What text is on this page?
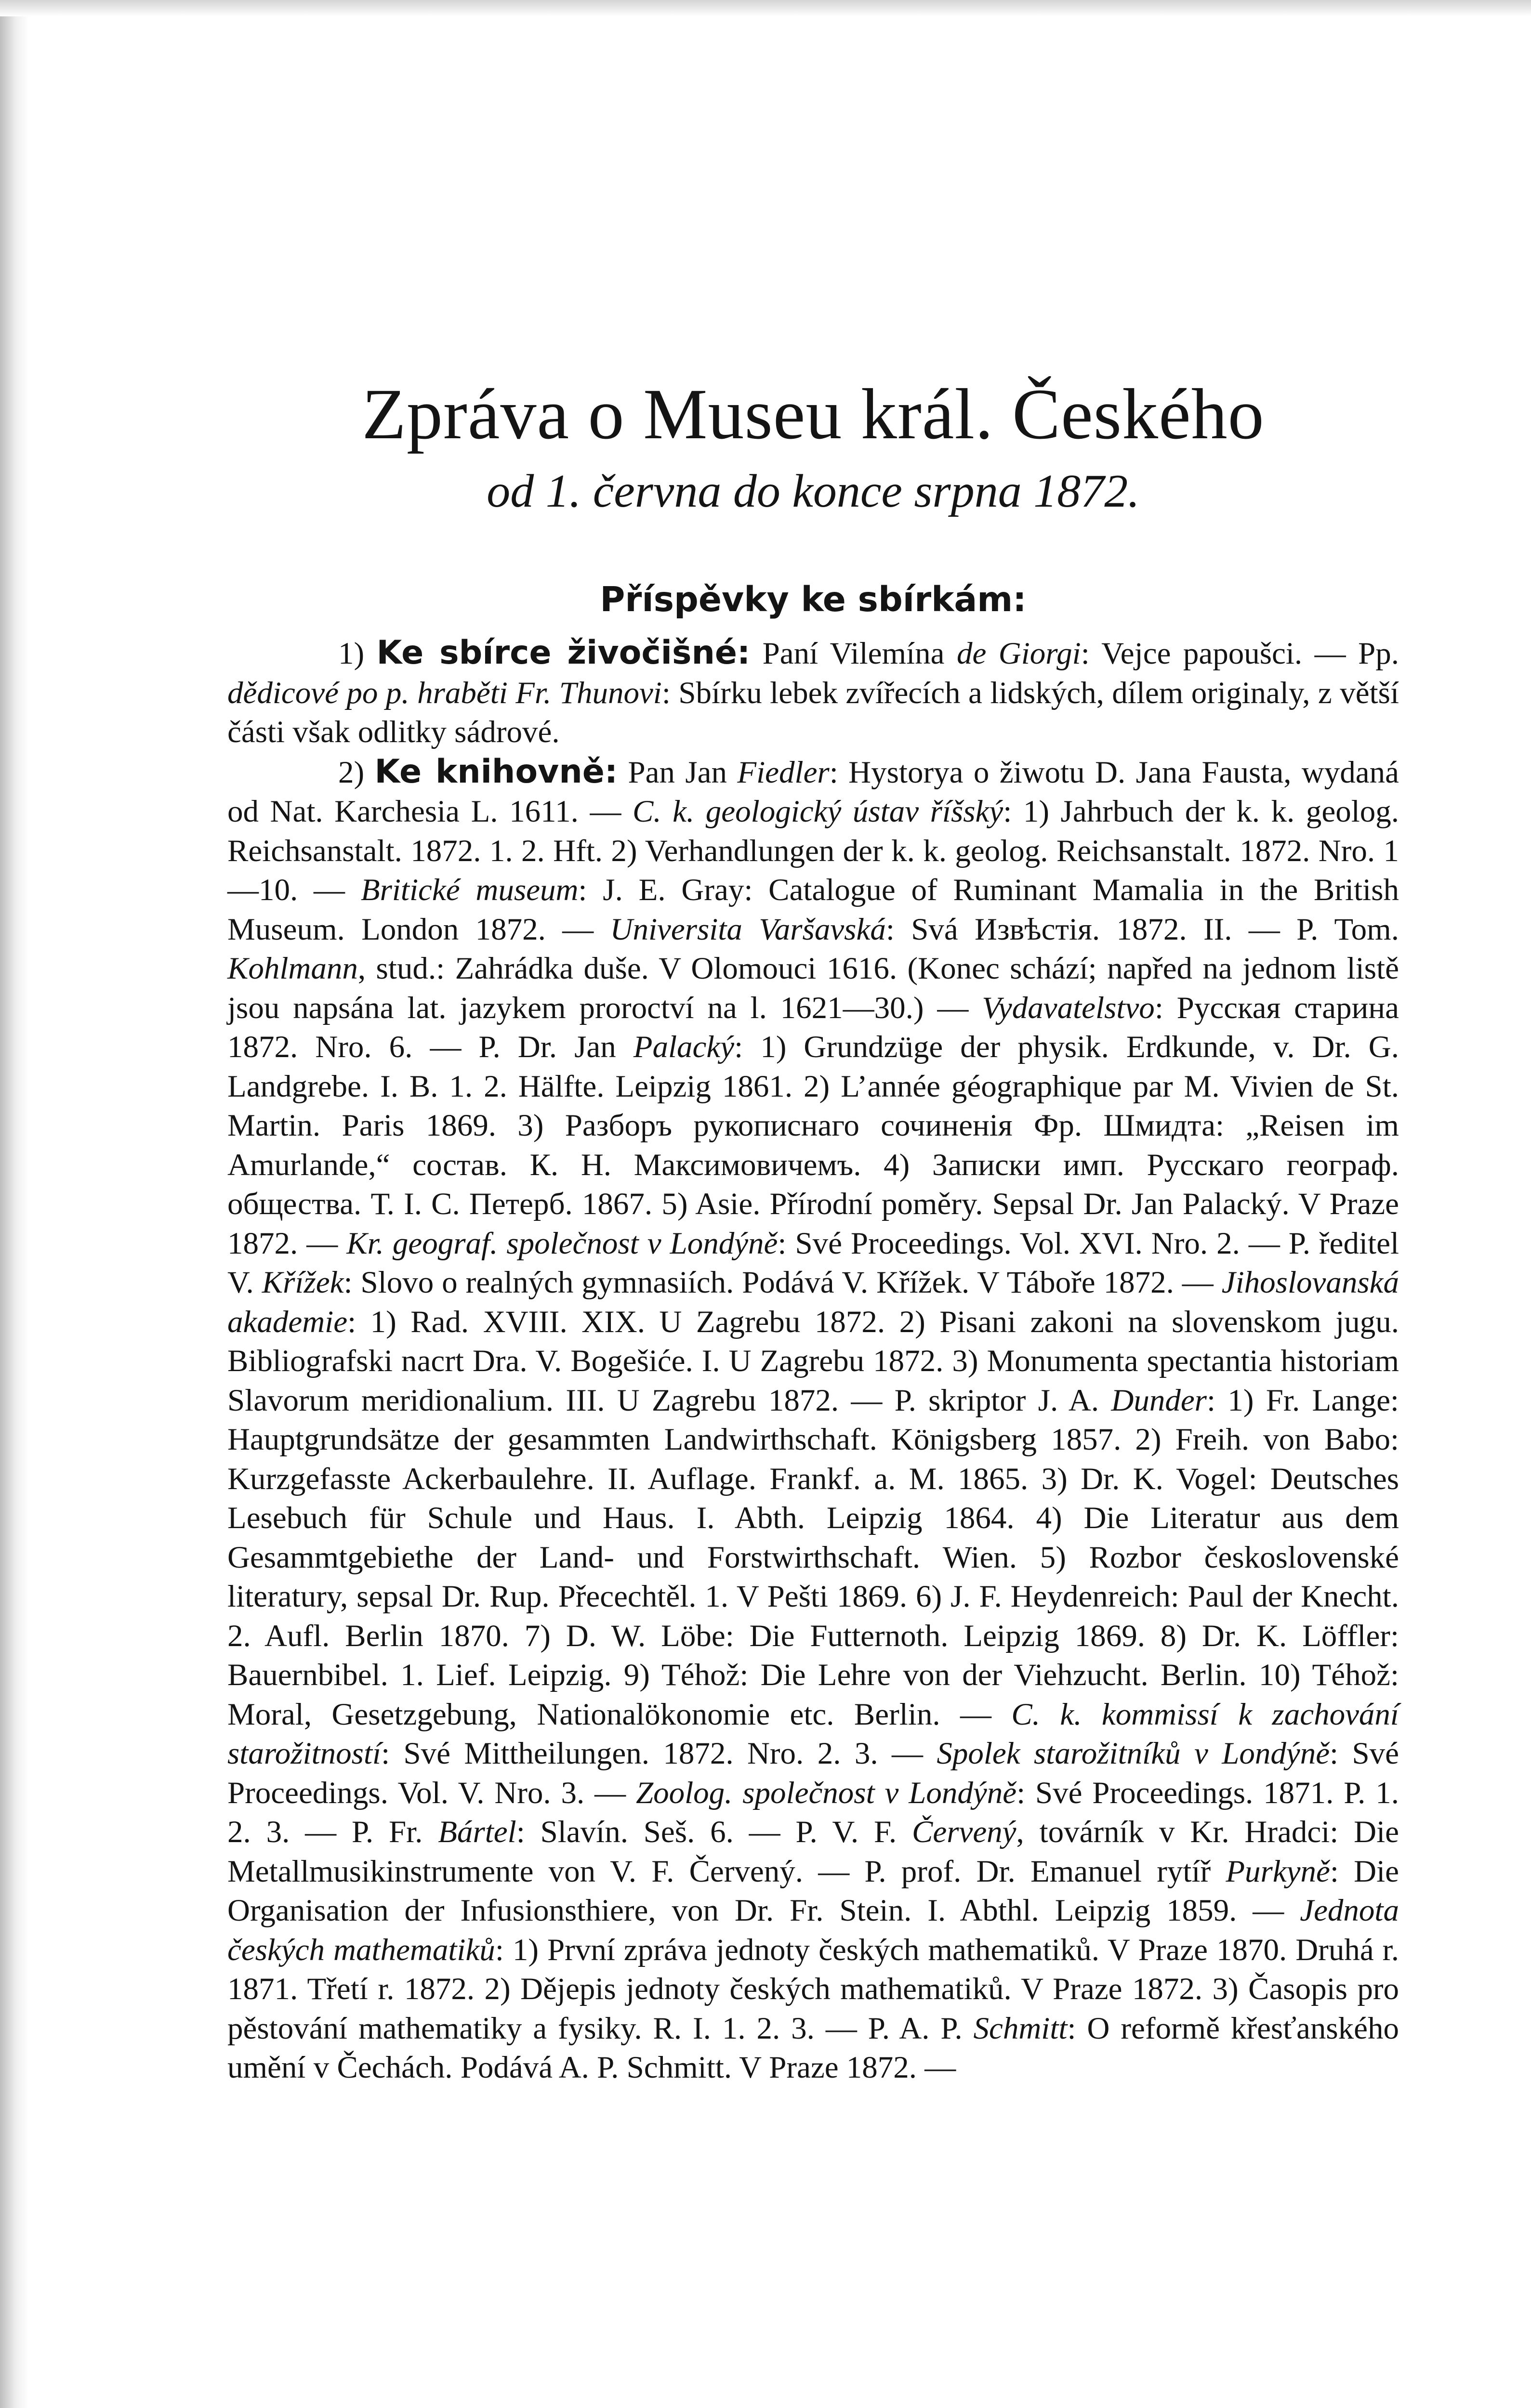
Zpráva o Museu král. Českého
od 1. června do konce srpna 1872.
Příspěvky ke sbírkám:

1) Ke sbírce živočišné: Paní Vilemína de Giorgi: Vejce papoušci. — Pp. dědicové po p. hraběti Fr. Thunovi: Sbírku lebek zvířecích a lidských, dílem originaly, z větší části však odlitky sádrové.

2) Ke knihovně: Pan Jan Fiedler: Hystorya o žiwotu D. Jana Fausta, wydaná od Nat. Karchesia L. 1611. — C. k. geologický ústav říšský: 1) Jahrbuch der k. k. geolog. Reichsanstalt. 1872. 1. 2. Hft. 2) Verhandlungen der k. k. geolog. Reichsanstalt. 1872. Nro. 1—10. — Britické museum: J. E. Gray: Catalogue of Ruminant Mamalia in the British Museum. London 1872. — Universita Varšavská: Svá Извѣстія. 1872. II. — P. Tom. Kohlmann, stud.: Zahrádka duše. V Olomouci 1616. (Konec schází; napřed na jednom listě jsou napsána lat. jazykem proroctví na l. 1621—30.) — Vydavatelstvo: Русская старина 1872. Nro. 6. — P. Dr. Jan Palacký: 1) Grundzüge der physik. Erdkunde, v. Dr. G. Landgrebe. I. B. 1. 2. Hälfte. Leipzig 1861. 2) L’année géographique par M. Vivien de St. Martin. Paris 1869. 3) Разборъ рукописнаго сочиненія Фр. Шмидта: „Reisen im Amurlande,“ состав. К. Н. Максимовичемъ. 4) Записки имп. Русскаго географ. общества. Т. I. С. Петерб. 1867. 5) Asie. Přírodní poměry. Sepsal Dr. Jan Palacký. V Praze 1872. — Kr. geograf. společnost v Londýně: Své Proceedings. Vol. XVI. Nro. 2. — P. ředitel V. Křížek: Slovo o realných gymnasiích. Podává V. Křížek. V Táboře 1872. — Jihoslovanská akademie: 1) Rad. XVIII. XIX. U Zagrebu 1872. 2) Pisani zakoni na slovenskom jugu. Bibliografski nacrt Dra. V. Bogešiće. I. U Zagrebu 1872. 3) Monumenta spectantia historiam Slavorum meridionalium. III. U Zagrebu 1872. — P. skriptor J. A. Dunder: 1) Fr. Lange: Hauptgrundsätze der gesammten Landwirthschaft. Königsberg 1857. 2) Freih. von Babo: Kurzgefasste Ackerbaulehre. II. Auflage. Frankf. a. M. 1865. 3) Dr. K. Vogel: Deutsches Lesebuch für Schule und Haus. I. Abth. Leipzig 1864. 4) Die Literatur aus dem Gesammtgebiethe der Land- und Forstwirthschaft. Wien. 5) Rozbor československé literatury, sepsal Dr. Rup. Přecechtěl. 1. V Pešti 1869. 6) J. F. Heydenreich: Paul der Knecht. 2. Aufl. Berlin 1870. 7) D. W. Löbe: Die Futternoth. Leipzig 1869. 8) Dr. K. Löffler: Bauernbibel. 1. Lief. Leipzig. 9) Téhož: Die Lehre von der Viehzucht. Berlin. 10) Téhož: Moral, Gesetzgebung, Nationalökonomie etc. Berlin. — C. k. kommissí k zachování starožitností: Své Mittheilungen. 1872. Nro. 2. 3. — Spolek starožitníků v Londýně: Své Proceedings. Vol. V. Nro. 3. — Zoolog. společnost v Londýně: Své Proceedings. 1871. P. 1. 2. 3. — P. Fr. Bártel: Slavín. Seš. 6. — P. V. F. Červený, továrník v Kr. Hradci: Die Metallmusikinstrumente von V. F. Červený. — P. prof. Dr. Emanuel rytíř Purkyně: Die Organisation der Infusionsthiere, von Dr. Fr. Stein. I. Abthl. Leipzig 1859. — Jednota českých mathematiků: 1) První zpráva jednoty českých mathematiků. V Praze 1870. Druhá r. 1871. Třetí r. 1872. 2) Dějepis jednoty českých mathematiků. V Praze 1872. 3) Časopis pro pěstování mathematiky a fysiky. R. I. 1. 2. 3. — P. A. P. Schmitt: O reformě křesťanského umění v Čechách. Podává A. P. Schmitt. V Praze 1872. —
